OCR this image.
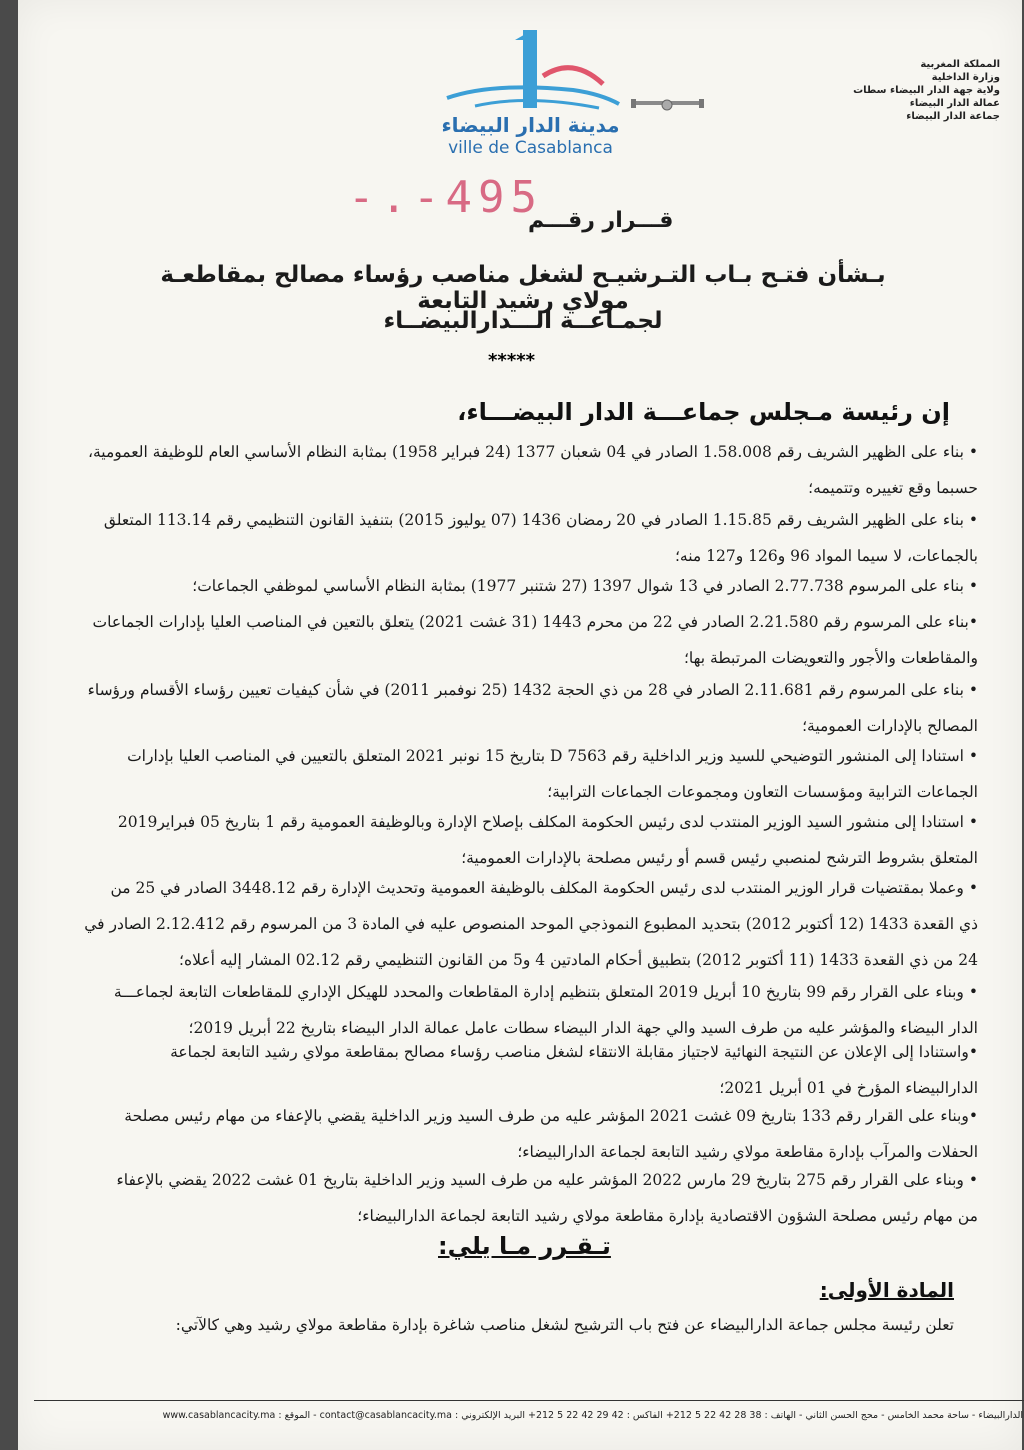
مدينة الدار البيضاء
ville de Casablanca
المملكة المغربية
وزارة الداخلية
ولاية جهة الدار البيضاء سطات
عمالة الدار البيضاء
جماعة الدار البيضاء
-.-495
قـــرار رقـــم
بـشأن فتـح بـاب التـرشيـح لشغل مناصب رؤساء مصالح بمقاطعـة مولاي رشيد التابعة
لجمـاعــة الـــدارالبيضــاء
*****
إن رئيسة مـجلس جماعـــة الدار البيضـــاء،
• بناء على الظهير الشريف رقم 1.58.008 الصادر في 04 شعبان 1377 (24 فبراير 1958) بمثابة النظام الأساسي العام للوظيفة العمومية،
حسبما وقع تغييره وتتميمه؛
• بناء على الظهير الشريف رقم 1.15.85 الصادر في 20 رمضان 1436 (07 يوليوز 2015) بتنفيذ القانون التنظيمي رقم 113.14 المتعلق
بالجماعات، لا سيما المواد 96 و126 و127 منه؛
• بناء على المرسوم 2.77.738 الصادر في 13 شوال 1397 (27 شتنبر 1977) بمثابة النظام الأساسي لموظفي الجماعات؛
•بناء على المرسوم رقم 2.21.580 الصادر في 22 من محرم 1443 (31 غشت 2021) يتعلق بالتعين في المناصب العليا بإدارات الجماعات
والمقاطعات والأجور والتعويضات المرتبطة بها؛
• بناء على المرسوم رقم 2.11.681 الصادر في 28 من ذي الحجة 1432 (25 نوفمبر 2011) في شأن كيفيات تعيين رؤساء الأقسام ورؤساء
المصالح بالإدارات العمومية؛
• استنادا إلى المنشور التوضيحي للسيد وزير الداخلية رقم 7563 D بتاريخ 15 نونبر 2021 المتعلق بالتعيين في المناصب العليا بإدارات
الجماعات الترابية ومؤسسات التعاون ومجموعات الجماعات الترابية؛
• استنادا إلى منشور السيد الوزير المنتدب لدى رئيس الحكومة المكلف بإصلاح الإدارة وبالوظيفة العمومية رقم 1 بتاريخ 05 فبراير2019
المتعلق بشروط الترشح لمنصبي رئيس قسم أو رئيس مصلحة بالإدارات العمومية؛
• وعملا بمقتضيات قرار الوزير المنتدب لدى رئيس الحكومة المكلف بالوظيفة العمومية وتحديث الإدارة رقم 3448.12 الصادر في 25 من
ذي القعدة 1433 (12 أكتوبر 2012) بتحديد المطبوع النموذجي الموحد المنصوص عليه في المادة 3 من المرسوم رقم 2.12.412 الصادر في
24 من ذي القعدة 1433 (11 أكتوبر 2012) بتطبيق أحكام المادتين 4 و5 من القانون التنظيمي رقم 02.12 المشار إليه أعلاه؛
• وبناء على القرار رقم 99 بتاريخ 10 أبريل 2019 المتعلق بتنظيم إدارة المقاطعات والمحدد للهيكل الإداري للمقاطعات التابعة لجماعـــة
الدار البيضاء والمؤشر عليه من طرف السيد والي جهة الدار البيضاء سطات عامل عمالة الدار البيضاء بتاريخ 22 أبريل 2019؛
•واستنادا إلى الإعلان عن النتيجة النهائية لاجتياز مقابلة الانتقاء لشغل مناصب رؤساء مصالح بمقاطعة مولاي رشيد التابعة لجماعة
الدارالبيضاء المؤرخ في 01 أبريل 2021؛
•وبناء على القرار رقم 133 بتاريخ 09 غشت 2021 المؤشر عليه من طرف السيد وزير الداخلية يقضي بالإعفاء من مهام رئيس مصلحة
الحفلات والمرآب بإدارة مقاطعة مولاي رشيد التابعة لجماعة الدارالبيضاء؛
• وبناء على القرار رقم 275 بتاريخ 29 مارس 2022 المؤشر عليه من طرف السيد وزير الداخلية بتاريخ 01 غشت 2022 يقضي بالإعفاء
من مهام رئيس مصلحة الشؤون الاقتصادية بإدارة مقاطعة مولاي رشيد التابعة لجماعة الدارالبيضاء؛
تـقـرر مـا يلي:
المادة الأولى:
تعلن رئيسة مجلس جماعة الدارالبيضاء عن فتح باب الترشيح لشغل مناصب شاغرة بإدارة مقاطعة مولاي رشيد وهي كالآتي:
الدارالبيضاء - ساحة محمد الخامس - محج الحسن الثاني - الهاتف : 38 28 42 22 5 212+ الفاكس : 42 29 42 22 5 212+ البريد الإلكتروني : contact@casablancacity.ma - الموقع : www.casablancacity.ma
